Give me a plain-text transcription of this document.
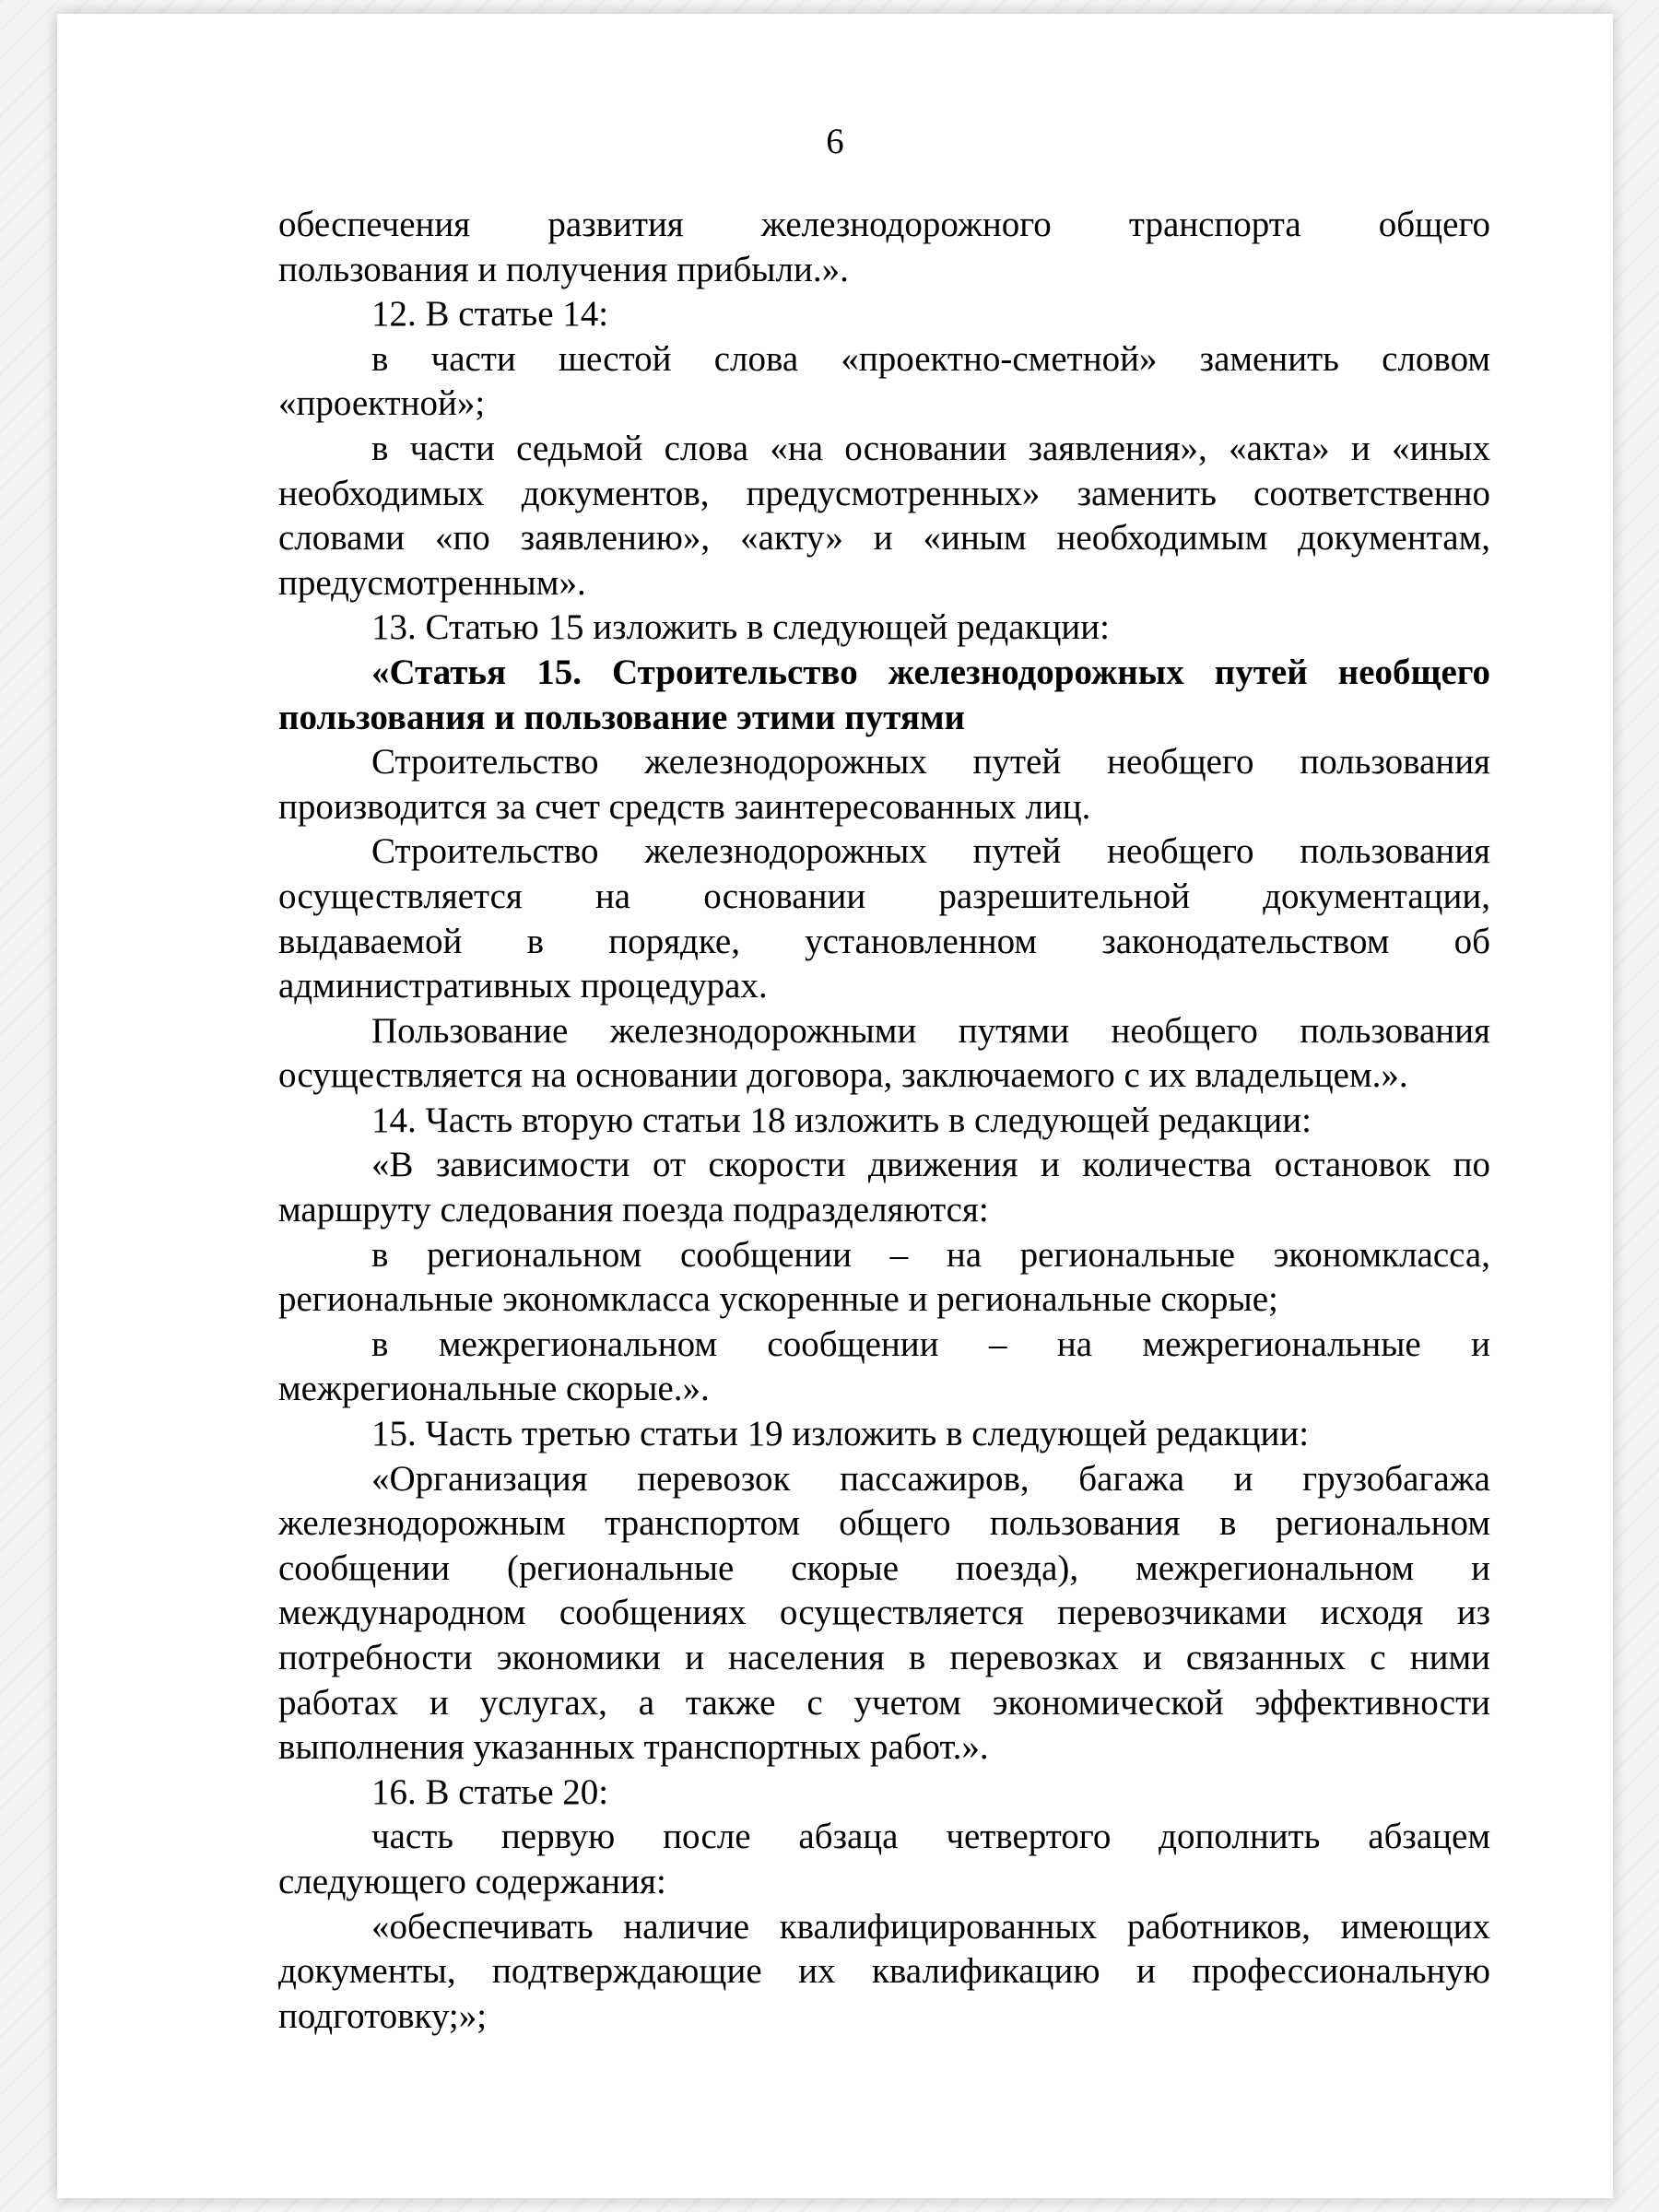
6
обеспечения развития железнодорожного транспорта общего
пользования и получения прибыли.».
12. В статье 14:
в части шестой слова «проектно-сметной» заменить словом
«проектной»;
в части седьмой слова «на основании заявления», «акта» и «иных
необходимых документов, предусмотренных» заменить соответственно
словами «по заявлению», «акту» и «иным необходимым документам,
предусмотренным».
13. Статью 15 изложить в следующей редакции:
«Статья 15. Строительство железнодорожных путей необщего
пользования и пользование этими путями
Строительство железнодорожных путей необщего пользования
производится за счет средств заинтересованных лиц.
Строительство железнодорожных путей необщего пользования
осуществляется на основании разрешительной документации,
выдаваемой в порядке, установленном законодательством об
административных процедурах.
Пользование железнодорожными путями необщего пользования
осуществляется на основании договора, заключаемого с их владельцем.».
14. Часть вторую статьи 18 изложить в следующей редакции:
«В зависимости от скорости движения и количества остановок по
маршруту следования поезда подразделяются:
в региональном сообщении – на региональные экономкласса,
региональные экономкласса ускоренные и региональные скорые;
в межрегиональном сообщении – на межрегиональные и
межрегиональные скорые.».
15. Часть третью статьи 19 изложить в следующей редакции:
«Организация перевозок пассажиров, багажа и грузобагажа
железнодорожным транспортом общего пользования в региональном
сообщении (региональные скорые поезда), межрегиональном и
международном сообщениях осуществляется перевозчиками исходя из
потребности экономики и населения в перевозках и связанных с ними
работах и услугах, а также с учетом экономической эффективности
выполнения указанных транспортных работ.».
16. В статье 20:
часть первую после абзаца четвертого дополнить абзацем
следующего содержания:
«обеспечивать наличие квалифицированных работников, имеющих
документы, подтверждающие их квалификацию и профессиональную
подготовку;»;
